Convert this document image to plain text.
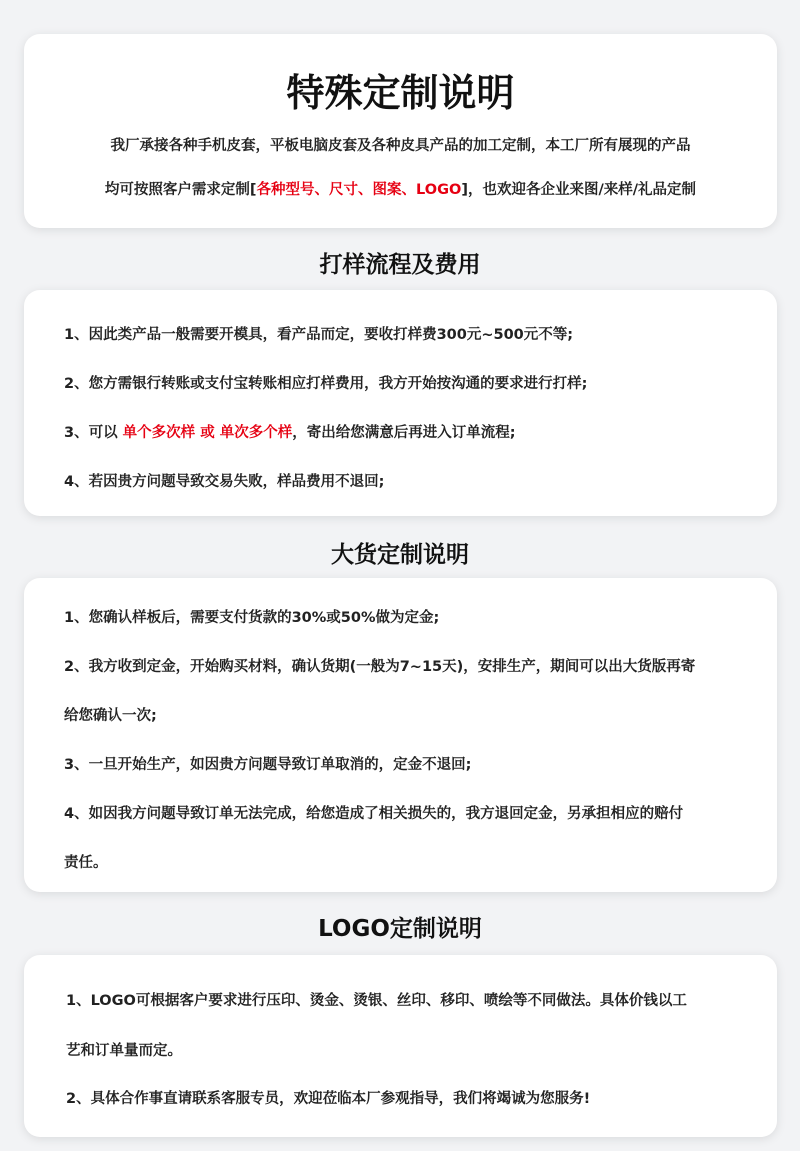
特殊定制说明
我厂承接各种手机皮套，平板电脑皮套及各种皮具产品的加工定制，本工厂所有展现的产品
均可按照客户需求定制[各种型号、尺寸、图案、LOGO]，也欢迎各企业来图/来样/礼品定制
打样流程及费用
1、因此类产品一般需要开模具，看产品而定，要收打样费300元~500元不等;
2、您方需银行转账或支付宝转账相应打样费用，我方开始按沟通的要求进行打样;
3、可以 单个多次样 或 单次多个样，寄出给您满意后再进入订单流程;
4、若因贵方问题导致交易失败，样品费用不退回;
大货定制说明
1、您确认样板后，需要支付货款的30%或50%做为定金;
2、我方收到定金，开始购买材料，确认货期(一般为7~15天)，安排生产，期间可以出大货版再寄
给您确认一次;
3、一旦开始生产，如因贵方问题导致订单取消的，定金不退回;
4、如因我方问题导致订单无法完成，给您造成了相关损失的，我方退回定金，另承担相应的赔付
责任。
LOGO定制说明
1、LOGO可根据客户要求进行压印、烫金、烫银、丝印、移印、喷绘等不同做法。具体价钱以工
艺和订单量而定。
2、具体合作事直请联系客服专员，欢迎莅临本厂参观指导，我们将竭诚为您服务!
